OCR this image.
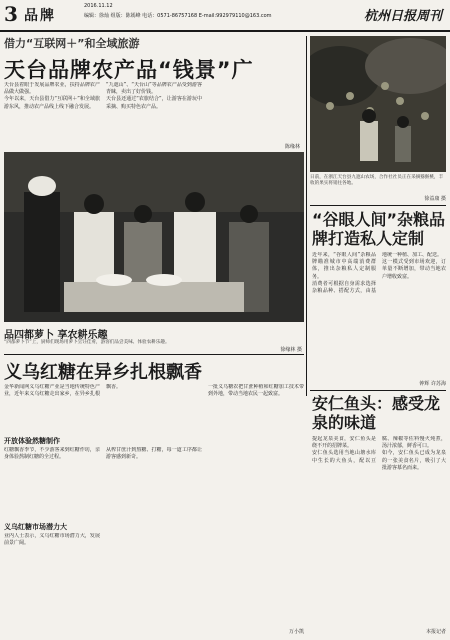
3 品牌
2016.11.12
编辑：徐灿 组版：陈嫣峰 电话：0571-86757168 E-mail:992979110@163.com	杭州日报周刊
借力“互联网＋”和全域旅游
天台品牌农产品“钱景”广

天台县着眼于发展品牌农业，扶持品牌农产品做大做强。

今年以来，天台县借力“互联网＋”和全域旅游东风，推动农产品线上线下融合发展。

“九遮山”、“天台山”等品牌农产品受到游客青睐，卖出了好价钱。

天台县还通过“农旅结合”，让游客在游玩中采摘、购买特色农产品。

陈缘林
日前，在浙江天台县九遮山农场，合作社社员正在采摘猕猴桃，丰收的果实将销往各地。
徐益康 摄
品四都萝卜 享农耕乐趣
“四都萝卜节”上，厨师们现场用萝卜烹饪佳肴，游客们品尝美味、体验农耕乐趣。
徐缘林 摄
“谷眼人间”杂粮品牌打造私人定制

近年来，“谷眼人间”杂粮品牌瞄准城市中高端消费群体，推出杂粮私人定制服务。

消费者可根据自身需求选择杂粮品种、搭配方式，由基地统一种植、加工、配送。

这一模式受到市场欢迎，订单量不断增加，带动当地农户增收致富。

钟辉 许苏海
安仁鱼头：感受龙泉的味道

提起龙泉美食，安仁鱼头是绕不开的招牌菜。

安仁鱼头选用当地山塘水库中生长的大鱼头，配以豆腐、辣椒等佐料慢火炖煮，汤汁浓郁，鲜香可口。

如今，安仁鱼头已成为龙泉的一张美食名片，吸引了大批游客慕名而来。

本报记者
义乌红糖在异乡扎根飘香

金华新闻网义乌红糖产业是当地传统特色产业，近年来义乌红糖走出家乡，在异乡扎根飘香。	一批义乌糖农把甘蔗种植和红糖加工技术带到外地，带动当地农民一起致富。

开放体验然糖制作

红糖飘香季节，不少游客来到红糖作坊，亲身体验熬制红糖的全过程。

从榨甘蔗汁到熬糖、打糖，每一道工序都让游客感到新奇。

义乌红糖市场潜力大

业内人士表示，义乌红糖市场潜力大，发展前景广阔。

万小凯
